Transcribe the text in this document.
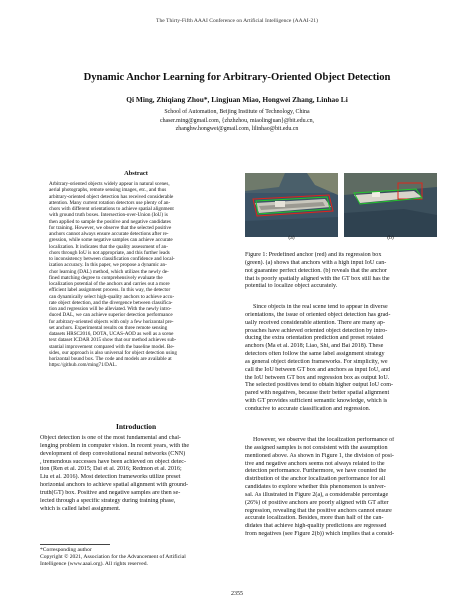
The Thirty-Fifth AAAI Conference on Artificial Intelligence (AAAI-21)
Dynamic Anchor Learning for Arbitrary-Oriented Object Detection
Qi Ming, Zhiqiang Zhou*, Lingjuan Miao, Hongwei Zhang, Linhao Li
School of Automation, Beijing Institute of Technology, China
chaser.ming@gmail.com, {zhzhzhou, miaolingjuan}@bit.edu.cn,
zhanghw.hongwei@gmail.com, lilinhao@bit.edu.cn
Abstract
Arbitrary-oriented objects widely appear in natural scenes,
aerial photographs, remote sensing images, etc., and thus
arbitrary-oriented object detection has received considerable
attention. Many current rotation detectors use plenty of an-
chors with different orientations to achieve spatial alignment
with ground truth boxes. Intersection-over-Union (IoU) is
then applied to sample the positive and negative candidates
for training. However, we observe that the selected positive
anchors cannot always ensure accurate detections after re-
gression, while some negative samples can achieve accurate
localization. It indicates that the quality assessment of an-
chors through IoU is not appropriate, and this further leads
to inconsistency between classification confidence and local-
ization accuracy. In this paper, we propose a dynamic an-
chor learning (DAL) method, which utilizes the newly de-
fined matching degree to comprehensively evaluate the
localization potential of the anchors and carries out a more
efficient label assignment process. In this way, the detector
can dynamically select high-quality anchors to achieve accu-
rate object detection, and the divergence between classifica-
tion and regression will be alleviated. With the newly intro-
duced DAL, we can achieve superior detection performance
for arbitrary-oriented objects with only a few horizontal pre-
set anchors. Experimental results on three remote sensing
datasets HRSC2016, DOTA, UCAS-AOD as well as a scene
text dataset ICDAR 2015 show that our method achieves sub-
stantial improvement compared with the baseline model. Be-
sides, our approach is also universal for object detection using
horizontal bound box. The code and models are available at
https://github.com/ming71/DAL.
Introduction
Object detection is one of the most fundamental and chal-
lenging problem in computer vision. In recent years, with the
development of deep convolutional neural networks (CNN)
, tremendous successes have been achieved on object detec-
tion (Ren et al. 2015; Dai et al. 2016; Redmon et al. 2016;
Liu et al. 2016). Most detection frameworks utilize preset
horizontal anchors to achieve spatial alignment with ground-
truth(GT) box. Positive and negative samples are then se-
lected through a specific strategy during training phase,
which is called label assignment.
*Corresponding author
Copyright © 2021, Association for the Advancement of Artificial
Intelligence (www.aaai.org). All rights reserved.
(a)	(b)
Figure 1: Predefined anchor (red) and its regression box
(green). (a) shows that anchors with a high input IoU can-
not guarantee perfect detection. (b) reveals that the anchor
that is poorly spatially aligned with the GT box still has the
potential to localize object accurately.
Since objects in the real scene tend to appear in diverse
orientations, the issue of oriented object detection has grad-
ually received considerable attention. There are many ap-
proaches have achieved oriented object detection by intro-
ducing the extra orientation prediction and preset rotated
anchors (Ma et al. 2018; Liao, Shi, and Bai 2018). These
detectors often follow the same label assignment strategy
as general object detection frameworks. For simplicity, we
call the IoU between GT box and anchors as input IoU, and
the IoU between GT box and regression box as output IoU.
The selected positives tend to obtain higher output IoU com-
pared with negatives, because their better spatial alignment
with GT provides sufficient semantic knowledge, which is
conducive to accurate classification and regression.
However, we observe that the localization performance of
the assigned samples is not consistent with the assumption
mentioned above. As shown in Figure 1, the division of posi-
tive and negative anchors seems not always related to the
detection performance. Furthermore, we have counted the
distribution of the anchor localization performance for all
candidates to explore whether this phenomenon is univer-
sal. As illustrated in Figure 2(a), a considerable percentage
(26%) of positive anchors are poorly aligned with GT after
regression, revealing that the positive anchors cannot ensure
accurate localization. Besides, more than half of the can-
didates that achieve high-quality predictions are regressed
from negatives (see Figure 2(b)) which implies that a consid-
2355
